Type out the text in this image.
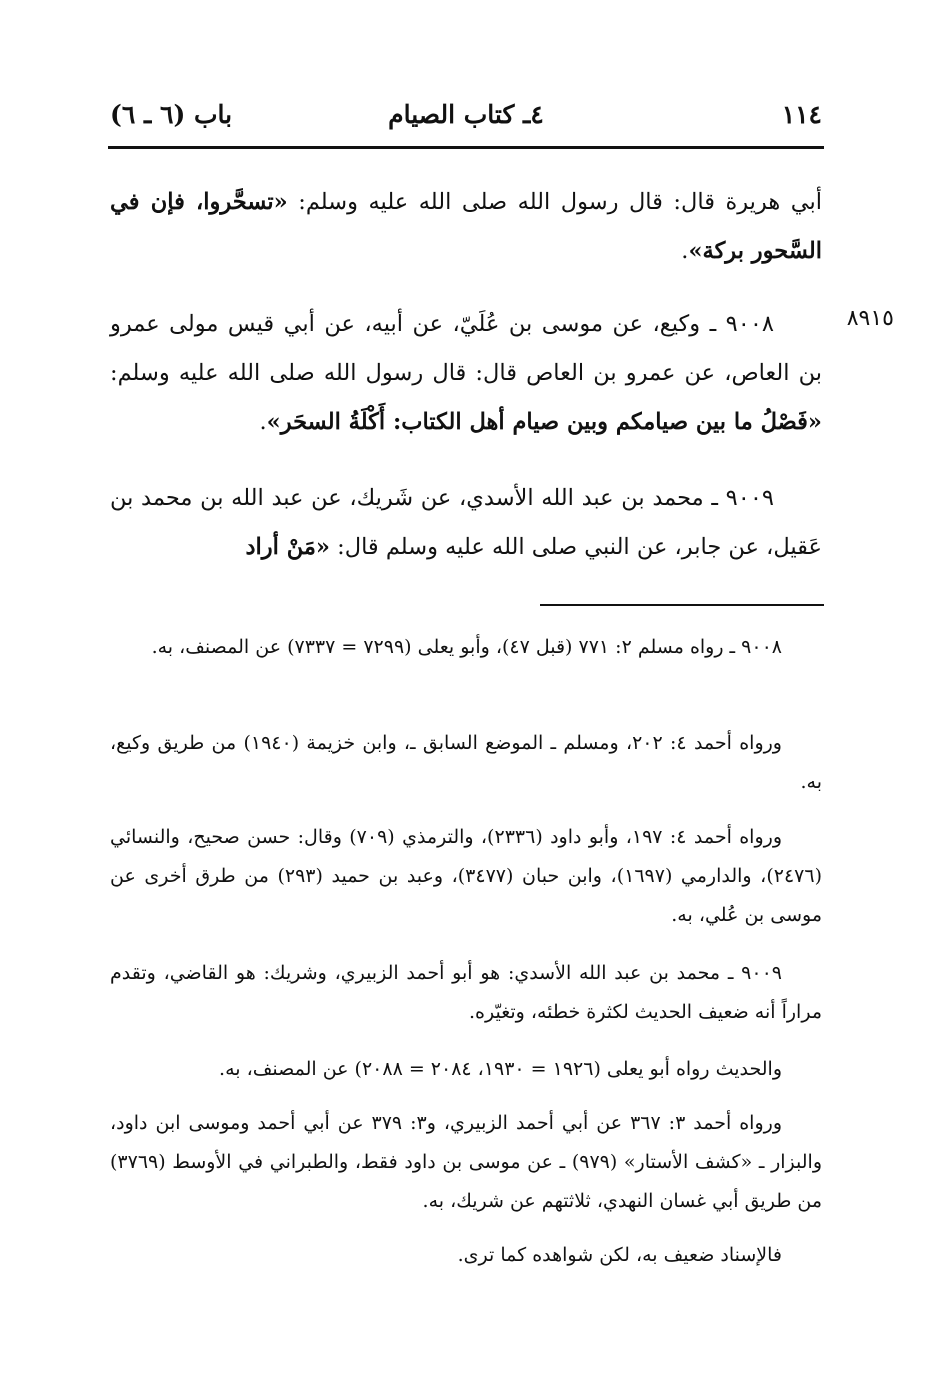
١١٤
٤ـ كتاب الصيام
باب (٦ ـ ٦)
أبي هريرة قال: قال رسول الله صلى الله عليه وسلم: «تسحَّروا، فإن في السَّحور بركة».
٨٩١٥
٩٠٠٨ ـ وكيع، عن موسى بن عُلَيّ، عن أبيه، عن أبي قيس مولى عمرو بن العاص، عن عمرو بن العاص قال: قال رسول الله صلى الله عليه وسلم: «فَصْلُ ما بين صيامكم وبين صيام أهل الكتاب: أَكْلَةُ السحَر».
٩٠٠٩ ـ محمد بن عبد الله الأسدي، عن شَريك، عن عبد الله بن محمد بن عَقيل، عن جابر، عن النبي صلى الله عليه وسلم قال: «مَنْ أراد
٩٠٠٨ ـ رواه مسلم ٢: ٧٧١ (قبل ٤٧)، وأبو يعلى (٧٢٩٩ = ٧٣٣٧) عن المصنف، به.
ورواه أحمد ٤: ٢٠٢، ومسلم ـ الموضع السابق ـ، وابن خزيمة (١٩٤٠) من طريق وكيع، به.
ورواه أحمد ٤: ١٩٧، وأبو داود (٢٣٣٦)، والترمذي (٧٠٩) وقال: حسن صحيح، والنسائي (٢٤٧٦)، والدارمي (١٦٩٧)، وابن حبان (٣٤٧٧)، وعبد بن حميد (٢٩٣) من طرق أخرى عن موسى بن عُلي، به.
٩٠٠٩ ـ محمد بن عبد الله الأسدي: هو أبو أحمد الزبيري، وشريك: هو القاضي، وتقدم مراراً أنه ضعيف الحديث لكثرة خطئه، وتغيّره.
والحديث رواه أبو يعلى (١٩٢٦ = ١٩٣٠، ٢٠٨٤ = ٢٠٨٨) عن المصنف، به.
ورواه أحمد ٣: ٣٦٧ عن أبي أحمد الزبيري، و٣: ٣٧٩ عن أبي أحمد وموسى ابن داود، والبزار ـ «كشف الأستار» (٩٧٩) ـ عن موسى بن داود فقط، والطبراني في الأوسط (٣٧٦٩) من طريق أبي غسان النهدي، ثلاثتهم عن شريك، به.
فالإسناد ضعيف به، لكن شواهده كما ترى.
